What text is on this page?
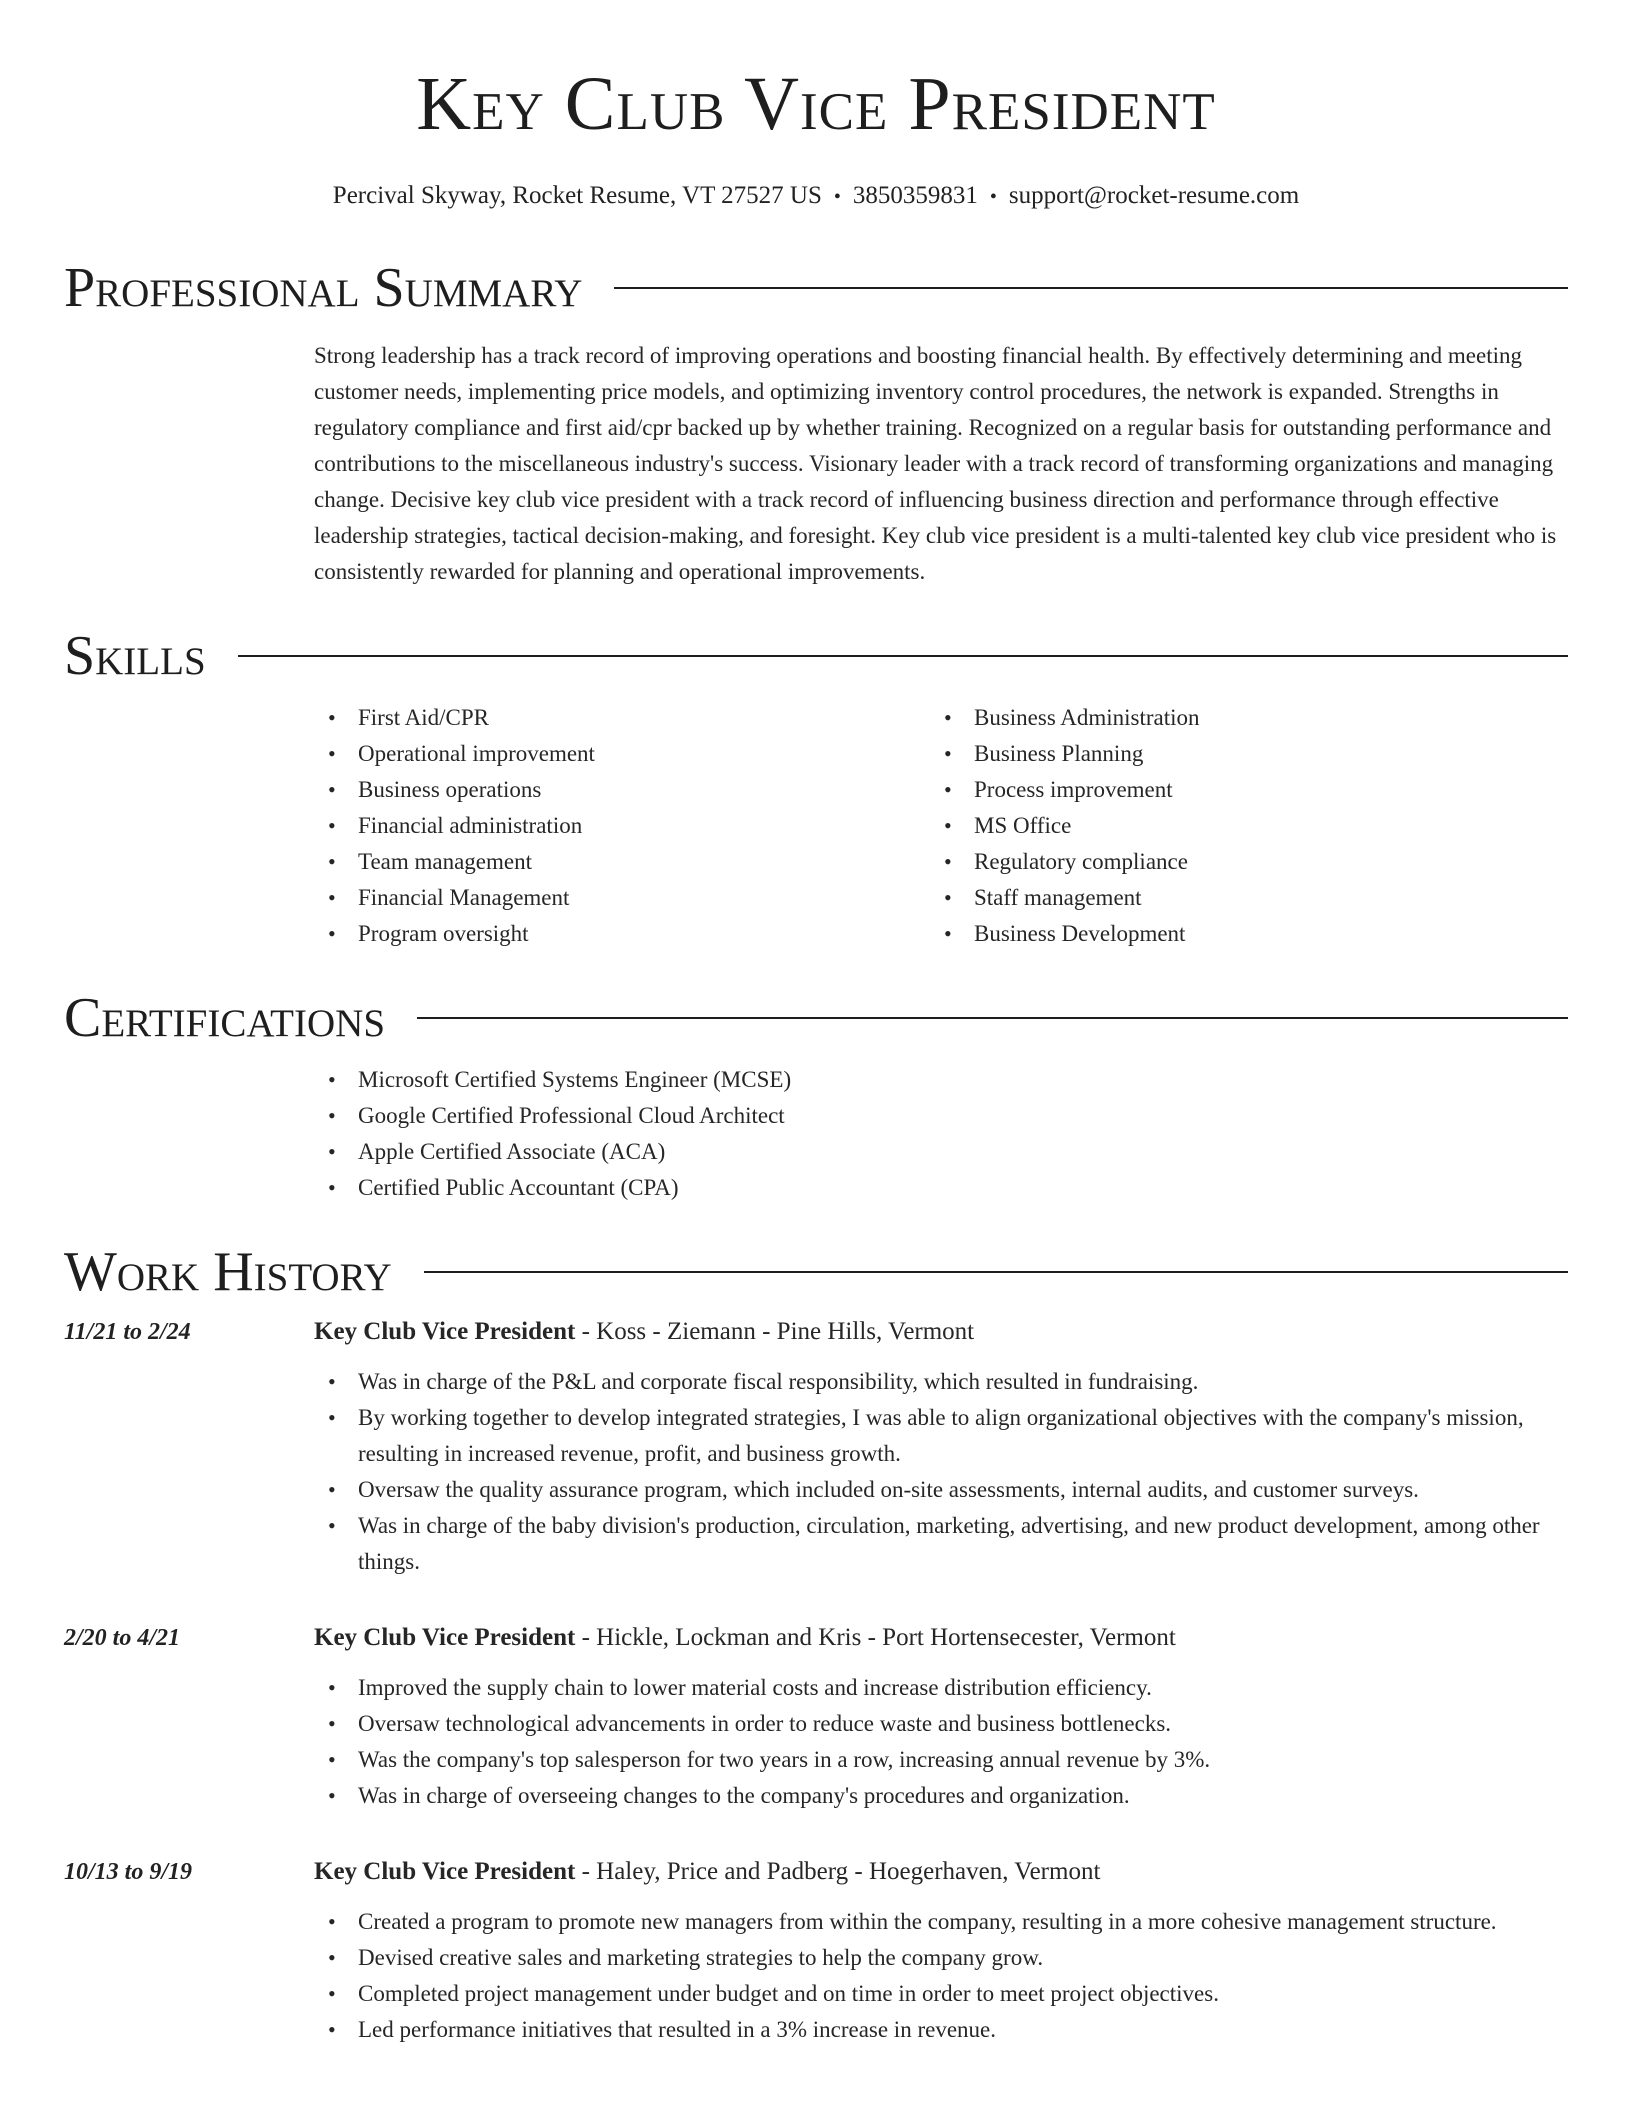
Key Club Vice President
Percival Skyway, Rocket Resume, VT 27527 US • 3850359831 • support@rocket-resume.com
Professional Summary
Strong leadership has a track record of improving operations and boosting financial health. By effectively determining and meeting customer needs, implementing price models, and optimizing inventory control procedures, the network is expanded. Strengths in regulatory compliance and first aid/cpr backed up by whether training. Recognized on a regular basis for outstanding performance and contributions to the miscellaneous industry's success. Visionary leader with a track record of transforming organizations and managing change. Decisive key club vice president with a track record of influencing business direction and performance through effective leadership strategies, tactical decision-making, and foresight. Key club vice president is a multi-talented key club vice president who is consistently rewarded for planning and operational improvements.
Skills
• First Aid/CPR
• Operational improvement
• Business operations
• Financial administration
• Team management
• Financial Management
• Program oversight
• Business Administration
• Business Planning
• Process improvement
• MS Office
• Regulatory compliance
• Staff management
• Business Development
Certifications
• Microsoft Certified Systems Engineer (MCSE)
• Google Certified Professional Cloud Architect
• Apple Certified Associate (ACA)
• Certified Public Accountant (CPA)
Work History
11/21 to 2/24	Key Club Vice President - Koss - Ziemann - Pine Hills, Vermont
• Was in charge of the P&L and corporate fiscal responsibility, which resulted in fundraising.
• By working together to develop integrated strategies, I was able to align organizational objectives with the company's mission, resulting in increased revenue, profit, and business growth.
• Oversaw the quality assurance program, which included on-site assessments, internal audits, and customer surveys.
• Was in charge of the baby division's production, circulation, marketing, advertising, and new product development, among other things.
2/20 to 4/21	Key Club Vice President - Hickle, Lockman and Kris - Port Hortensecester, Vermont
• Improved the supply chain to lower material costs and increase distribution efficiency.
• Oversaw technological advancements in order to reduce waste and business bottlenecks.
• Was the company's top salesperson for two years in a row, increasing annual revenue by 3%.
• Was in charge of overseeing changes to the company's procedures and organization.
10/13 to 9/19	Key Club Vice President - Haley, Price and Padberg - Hoegerhaven, Vermont
• Created a program to promote new managers from within the company, resulting in a more cohesive management structure.
• Devised creative sales and marketing strategies to help the company grow.
• Completed project management under budget and on time in order to meet project objectives.
• Led performance initiatives that resulted in a 3% increase in revenue.
